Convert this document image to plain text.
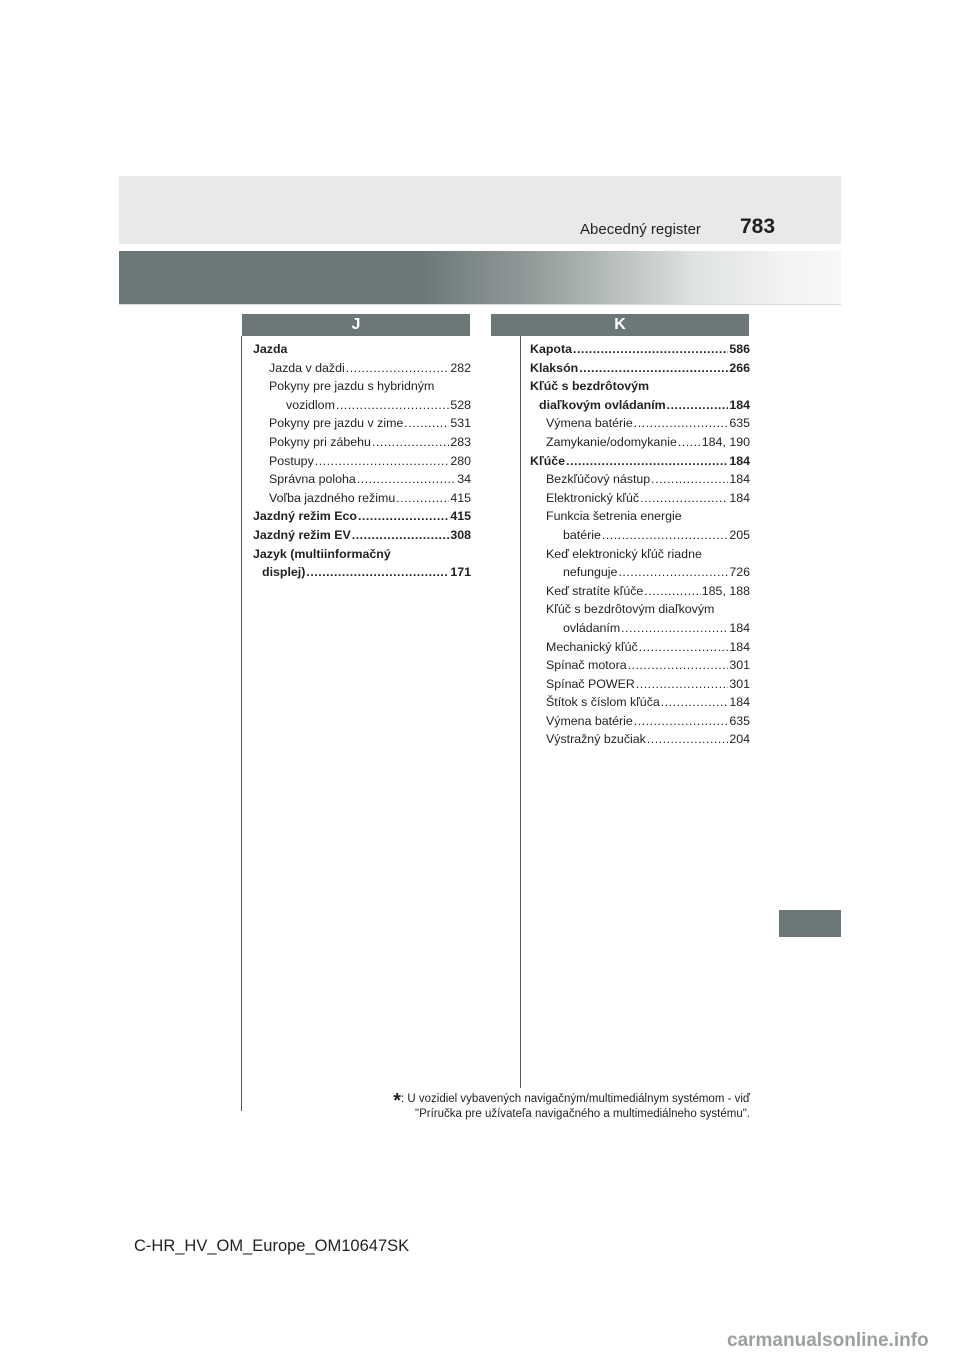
Abecedný register 783
J	K
Jazda
Jazda v daždi .....	282
Pokyny pre jazdu s hybridným
vozidlom .....	528
Pokyny pre jazdu v zime .....	531
Pokyny pri zábehu .....	283
Postupy .....	280
Správna poloha .....	34
Voľba jazdného režimu .....	415
Jazdný režim Eco .....	415
Jazdný režim EV .....	308
Jazyk (multiinformačný
displej) .....	171
Kapota .....	586
Klaksón .....	266
Kľúč s bezdrôtovým
diaľkovým ovládaním .....	184
Výmena batérie .....	635
Zamykanie/odomykanie ..... 184, 190
Kľúče .....	184
Bezkľúčový nástup .....	184
Elektronický kľúč .....	184
Funkcia šetrenia energie
batérie .....	205
Keď elektronický kľúč riadne
nefunguje .....	726
Keď stratíte kľúče .....	185, 188
Kľúč s bezdrôtovým diaľkovým
ovládaním .....	184
Mechanický kľúč .....	184
Spínač motora .....	301
Spínač POWER .....	301
Štítok s číslom kľúča .....	184
Výmena batérie .....	635
Výstražný bzučiak .....	204
*: U vozidiel vybavených navigačným/multimediálnym systémom - viď
"Príručka pre užívateľa navigačného a multimediálneho systému".
C-HR_HV_OM_Europe_OM10647SK
carmanualsonline.info
